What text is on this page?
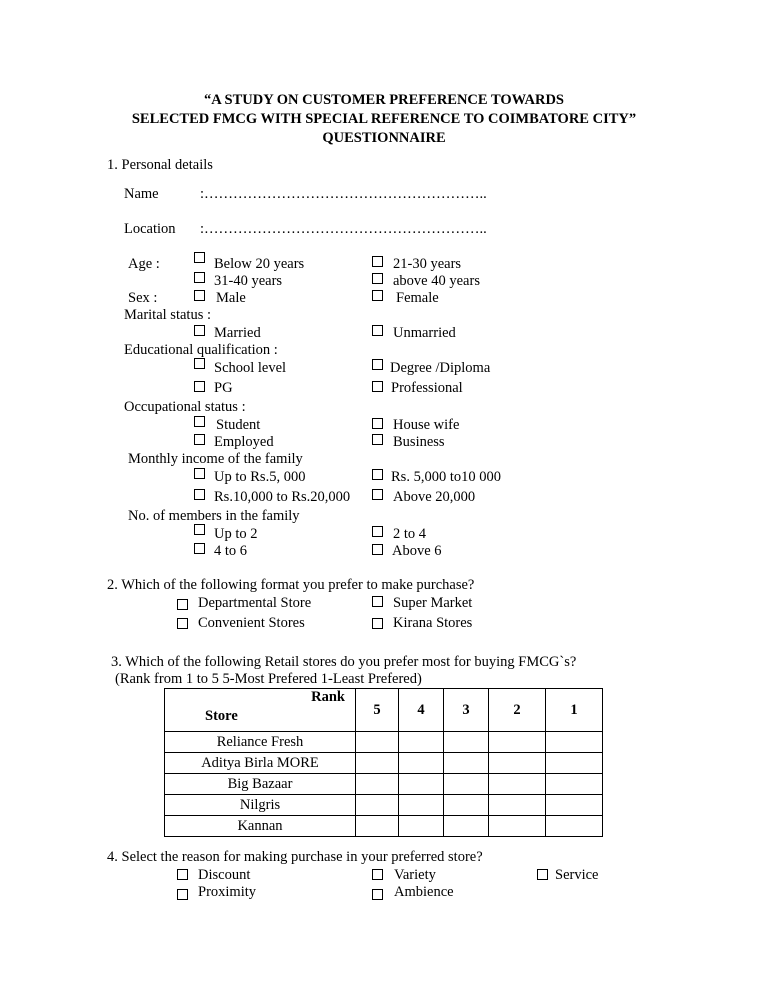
“A STUDY ON CUSTOMER PREFERENCE TOWARDS
SELECTED FMCG WITH SPECIAL REFERENCE TO COIMBATORE CITY”
QUESTIONNAIRE
1. Personal details
Name	:…………………………………………………..
Location :…………………………………………………..
Age :	Below 20 years	21-30 years
31-40 years	above 40 years
Sex :	Male	Female
Marital status :
Married	Unmarried
Educational qualification :
School level	Degree /Diploma
PG	Professional
Occupational status :
Student	House wife
Employed	Business
Monthly income of the family
Up to Rs.5, 000	Rs. 5,000 to10 000
Rs.10,000 to Rs.20,000	Above 20,000
No. of members in the family
Up to 2	2 to 4
4 to 6	Above 6
2. Which of the following format you prefer to make purchase?
Departmental Store	Super Market
Convenient Stores	Kirana Stores
3. Which of the following Retail stores do you prefer most for buying FMCG`s?
(Rank from 1 to 5 5-Most Prefered 1-Least Prefered)
Rank
Store	5	4	3	2	1
Reliance Fresh					
Aditya Birla MORE					
Big Bazaar					
Nilgris					
Kannan					
4. Select the reason for making purchase in your preferred store?
Discount	Variety	Service
Proximity	Ambience
